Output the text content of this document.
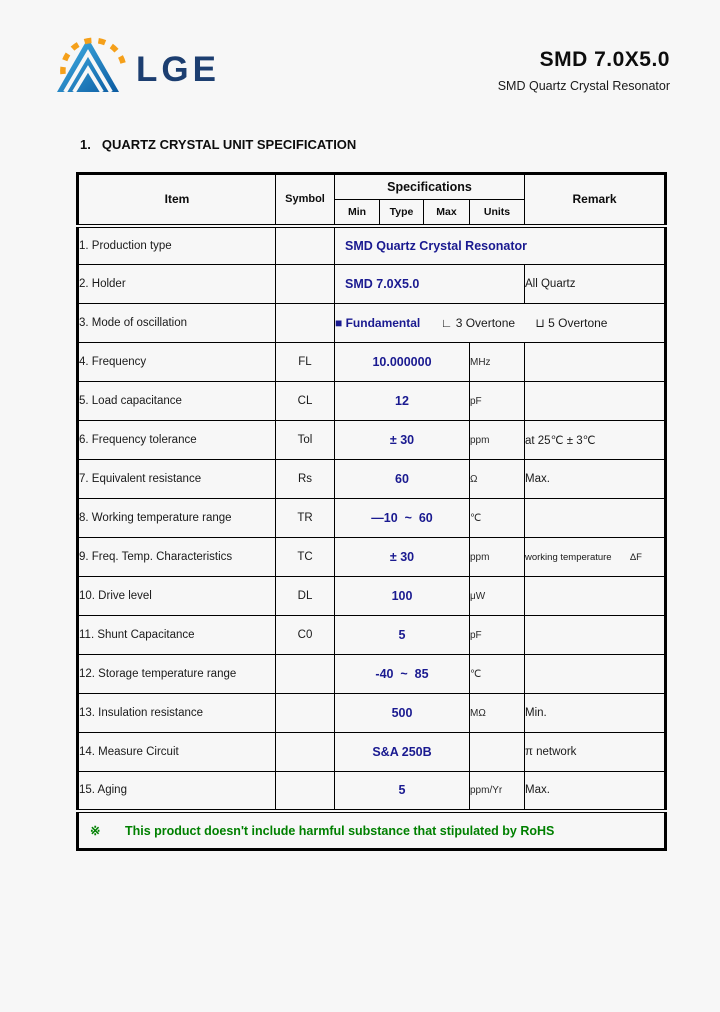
LGE	SMD 7.0X5.0
SMD Quartz Crystal Resonator
1. QUARTZ CRYSTAL UNIT SPECIFICATION
Item	Symbol	Specifications				Remark
		Min	Type	Max	Units	
1. Production type		SMD Quartz Crystal Resonator				
2. Holder		SMD 7.0X5.0				All Quartz
3. Mode of oscillation		■ Fundamental ∟ 3 Overtone ⊔ 5 Overtone				
4. Frequency	FL	10.000000			MHz	
5. Load capacitance	CL	12			pF	
6. Frequency tolerance	Tol	± 30			ppm	at 25℃ ± 3℃
7. Equivalent resistance	Rs	60			Ω	Max.
8. Working temperature range	TR	—10  ~  60			℃	
9. Freq. Temp. Characteristics	TC	± 30			ppm	working temperature ΔF
10. Drive level	DL	100			μW	
11. Shunt Capacitance	C0	5			pF	
12. Storage temperature range		-40  ~  85			℃	
13. Insulation resistance		500			MΩ	Min.
14. Measure Circuit		S&A 250B				π network
15. Aging		5			ppm/Yr	Max.
※ This product doesn't include harmful substance that stipulated by RoHS						
